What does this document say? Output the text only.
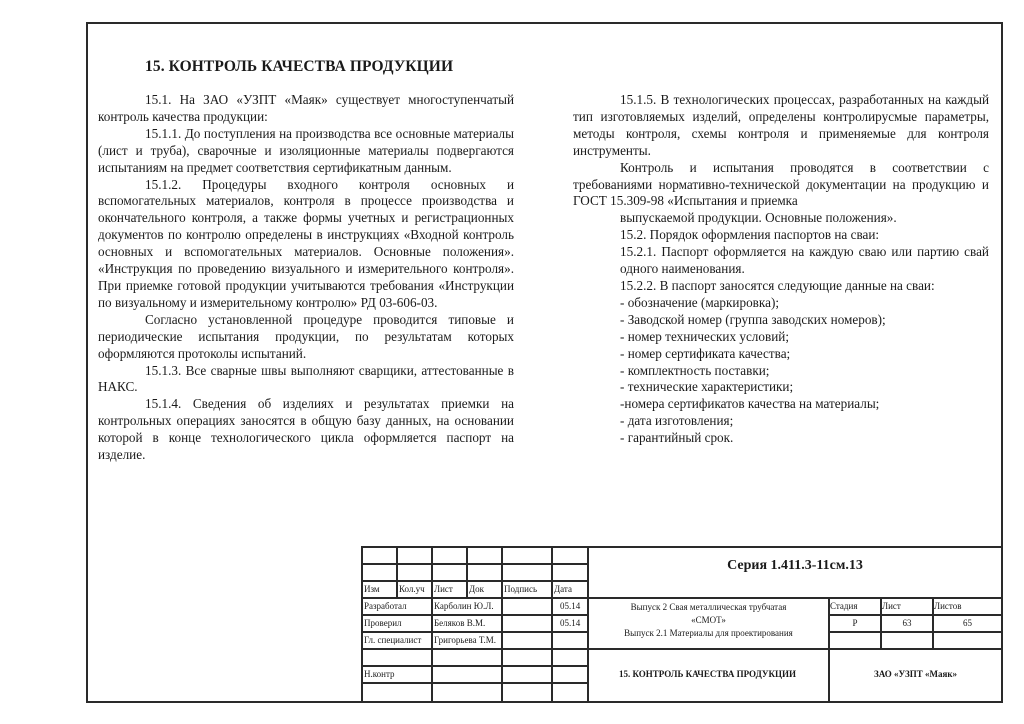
15. КОНТРОЛЬ КАЧЕСТВА ПРОДУКЦИИ

15.1. На ЗАО «УЗПТ «Маяк» существует многоступенчатый контроль качества продукции:

15.1.1. До поступления на производства все основные материалы (лист и труба), сварочные и изоляционные материалы подвергаются испытаниям на предмет соответствия сертификатным данным.

15.1.2. Процедуры входного контроля основных и вспомогательных материалов, контроля в процессе производства и окончательного контроля, а также формы учетных и регистрационных документов по контролю определены в инструкциях «Входной контроль основных и вспомогательных материалов. Основные положения». «Инструкция по проведению визуального и измерительного контроля». При приемке готовой продукции учитываются требования «Инструкции по визуальному и измерительному контролю» РД 03-606-03.

Согласно установленной процедуре проводится типовые и периодические испытания продукции, по результатам которых оформляются протоколы испытаний.

15.1.3. Все сварные швы выполняют сварщики, аттестованные в НАКС.

15.1.4. Сведения об изделиях и результатах приемки на контрольных операциях заносятся в общую базу данных, на основании которой в конце технологического цикла оформляется паспорт на изделие.

15.1.5. В технологических процессах, разработанных на каждый тип изготовляемых изделий, определены контролирусмые параметры, методы контроля, схемы контроля и применяемые для контроля инструменты.

Контроль и испытания проводятся в соответствии с требованиями нормативно-технической документации на продукцию и ГОСТ 15.309-98 «Испытания и приемка

выпускаемой продукции. Основные положения».

15.2. Порядок оформления паспортов на сваи:

15.2.1. Паспорт оформляется на каждую сваю или партию свай одного наименования.

15.2.2. В паспорт заносятся следующие данные на сваи:

- обозначение (маркировка);
- Заводской номер (группа заводских номеров);
- номер технических условий;
- номер сертификата качества;
- комплектность поставки;
- технические характеристики;
-номера сертификатов качества на материалы;
- дата изготовления;
- гарантийный срок.
Изм Кол.уч Лист Док Подпись Дата
Разработал	Карболин Ю.Л.	05.14
Проверил	Беляков В.М.	05.14
Гл. специалист Григорьева Т.М.
Н.контр
Серия 1.411.3-11см.13
Выпуск 2 Свая металлическая трубчатая
«СМОТ»
Выпуск 2.1 Материалы для проектирования
Стадия	Лист	Листов
Р	63	65
15. КОНТРОЛЬ КАЧЕСТВА ПРОДУКЦИИ	ЗАО «УЗПТ «Маяк»
